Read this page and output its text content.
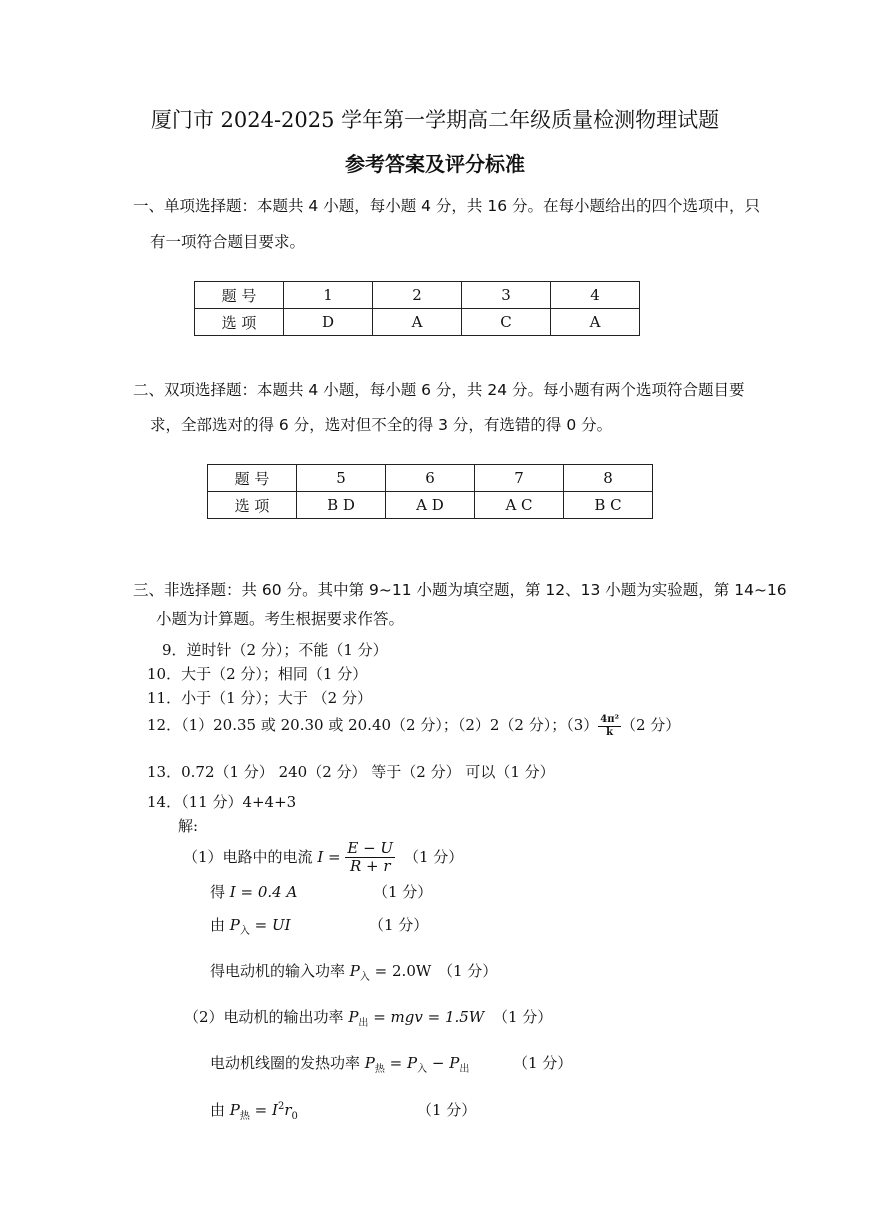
厦门市 2024-2025 学年第一学期高二年级质量检测物理试题
参考答案及评分标准
一、单项选择题：本题共 4 小题，每小题 4 分，共 16 分。在每小题给出的四个选项中，只
有一项符合题目要求。
题 号	1	2	3	4
选 项	D	A	C	A
二、双项选择题：本题共 4 小题，每小题 6 分，共 24 分。每小题有两个选项符合题目要
求，全部选对的得 6 分，选对但不全的得 3 分，有选错的得 0 分。
题 号	5	6	7	8
选 项	B D	A D	A C	B C
三、非选择题：共 60 分。其中第 9~11 小题为填空题，第 12、13 小题为实验题，第 14~16
小题为计算题。考生根据要求作答。
9．逆时针（2 分）；不能（1 分）
10．大于（2 分）；相同（1 分）
11．小于（1 分）；大于 （2 分）
12．（1）20.35 或 20.30 或 20.40（2 分）；（2）2（2 分）；$(3) \frac{\text{4π²}}{k} (2$ 分）
13．0.72（1 分） 240（2 分） 等于（2 分） 可以（1 分）
14．（11 分）4+4+3
解:
（1）电路中的电流 $I = \frac{E - U}{R + r} (1$ 分）
得 I = 0.4 A	（1 分）
由 $P_入$ = UI	（1 分）
得电动机的输入功率 $P_入 = 2.0W$ （1 分）
（2）电动机的输出功率 $P_出$ = mgv = 1.5W （1 分）
电动机线圈的发热功率 $P_热 = P_入 - P_出$	（1 分）
由 $P_热 = I^2r_0$	（1 分）
